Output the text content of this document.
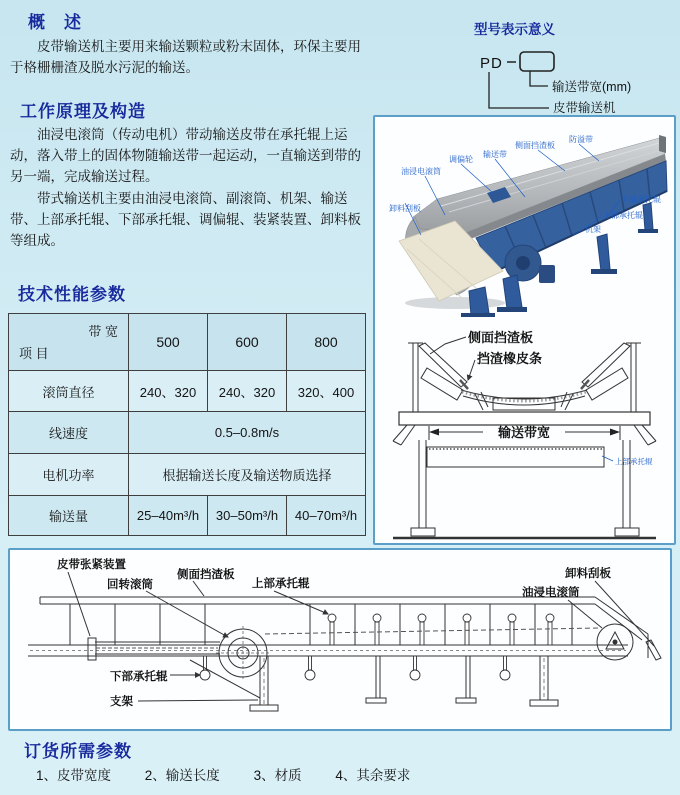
概　述
皮带输送机主要用来输送颗粒或粉末固体，环保主要用于格栅栅渣及脱水污泥的输送。
型号表示意义
PD
输送带宽(mm)
皮带输送机
工作原理及构造

油浸电滚筒（传动电机）带动输送皮带在承托辊上运动，落入带上的固体物随输送带一起运动，一直输送到带的另一端，完成输送过程。

带式输送机主要由油浸电滚筒、副滚筒、机架、输送带、上部承托辊、下部承托辊、调偏辊、装紧装置、卸料板等组成。

技术性能参数
带 宽
项 目	500	600	800
滚筒直径	240、320	240、320	320、400
线速度	0.5–0.8m/s		
电机功率	根据输送长度及输送物质选择		
输送量	25–40m³/h	30–50m³/h	40–70m³/h
卸料刮板
油浸电滚筒
调偏轮
输送带
侧面挡渣板
防溢带
下部承托辊
上部承托辊
机架

输送带宽
上部承托辊
侧面挡渣板
挡渣橡皮条
皮带张紧装置
回转滚筒
侧面挡渣板
上部承托辊
卸料刮板
油浸电滚筒
下部承托辊
支架
订货所需参数
1、皮带宽度	2、输送长度	3、材质	4、其余要求
